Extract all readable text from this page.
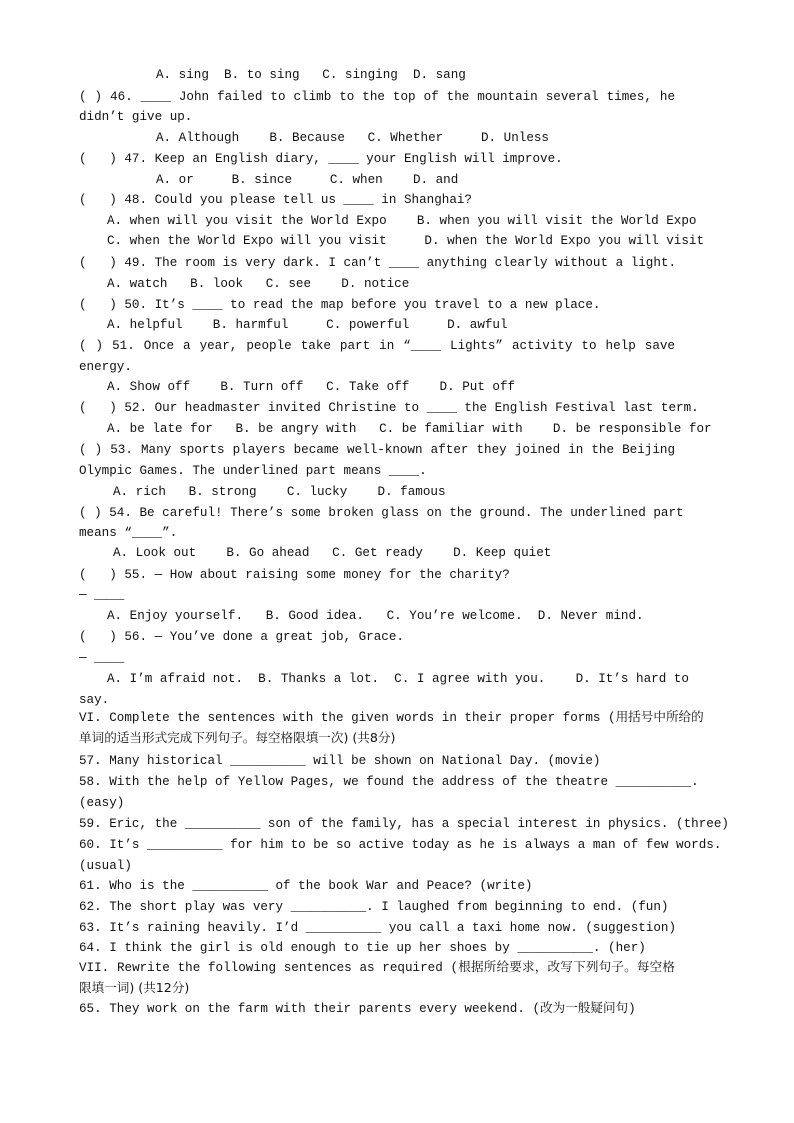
A. sing  B. to sing   C. singing  D. sang
( ) 46. ____ John failed to climb to the top of the mountain several times, he
didn’t give up.
A. Although    B. Because   C. Whether     D. Unless
(   ) 47. Keep an English diary, ____ your English will improve.
A. or     B. since     C. when    D. and
(   ) 48. Could you please tell us ____ in Shanghai?
A. when will you visit the World Expo    B. when you will visit the World Expo
C. when the World Expo will you visit     D. when the World Expo you will visit
(   ) 49. The room is very dark. I can’t ____ anything clearly without a light.
A. watch   B. look   C. see    D. notice
(   ) 50. It’s ____ to read the map before you travel to a new place.
A. helpful    B. harmful     C. powerful     D. awful
( ) 51. Once a year, people take part in “____ Lights” activity to help save
energy.
A. Show off    B. Turn off   C. Take off    D. Put off
(   ) 52. Our headmaster invited Christine to ____ the English Festival last term.
A. be late for   B. be angry with   C. be familiar with    D. be responsible for
( ) 53. Many sports players became well-known after they joined in the Beijing
Olympic Games. The underlined part means ____.
A. rich   B. strong    C. lucky    D. famous
( ) 54. Be careful! There’s some broken glass on the ground. The underlined part
means “____”.
A. Look out    B. Go ahead   C. Get ready    D. Keep quiet
(   ) 55. — How about raising some money for the charity?
— ____
A. Enjoy yourself.   B. Good idea.   C. You’re welcome.  D. Never mind.
(   ) 56. — You’ve done a great job, Grace.
— ____
A. I’m afraid not.  B. Thanks a lot.  C. I agree with you.    D. It’s hard to
say.
VI. Complete the sentences with the given words in their proper forms (用括号中所给的
单词的适当形式完成下列句子。每空格限填一次) (共8分)
57. Many historical __________ will be shown on National Day. (movie)
58. With the help of Yellow Pages, we found the address of the theatre __________.
(easy)
59. Eric, the __________ son of the family, has a special interest in physics. (three)
60. It’s __________ for him to be so active today as he is always a man of few words.
(usual)
61. Who is the __________ of the book War and Peace? (write)
62. The short play was very __________. I laughed from beginning to end. (fun)
63. It’s raining heavily. I’d __________ you call a taxi home now. (suggestion)
64. I think the girl is old enough to tie up her shoes by __________. (her)
VII. Rewrite the following sentences as required (根据所给要求，改写下列句子。每空格
限填一词) (共12分)
65. They work on the farm with their parents every weekend. (改为一般疑问句)
